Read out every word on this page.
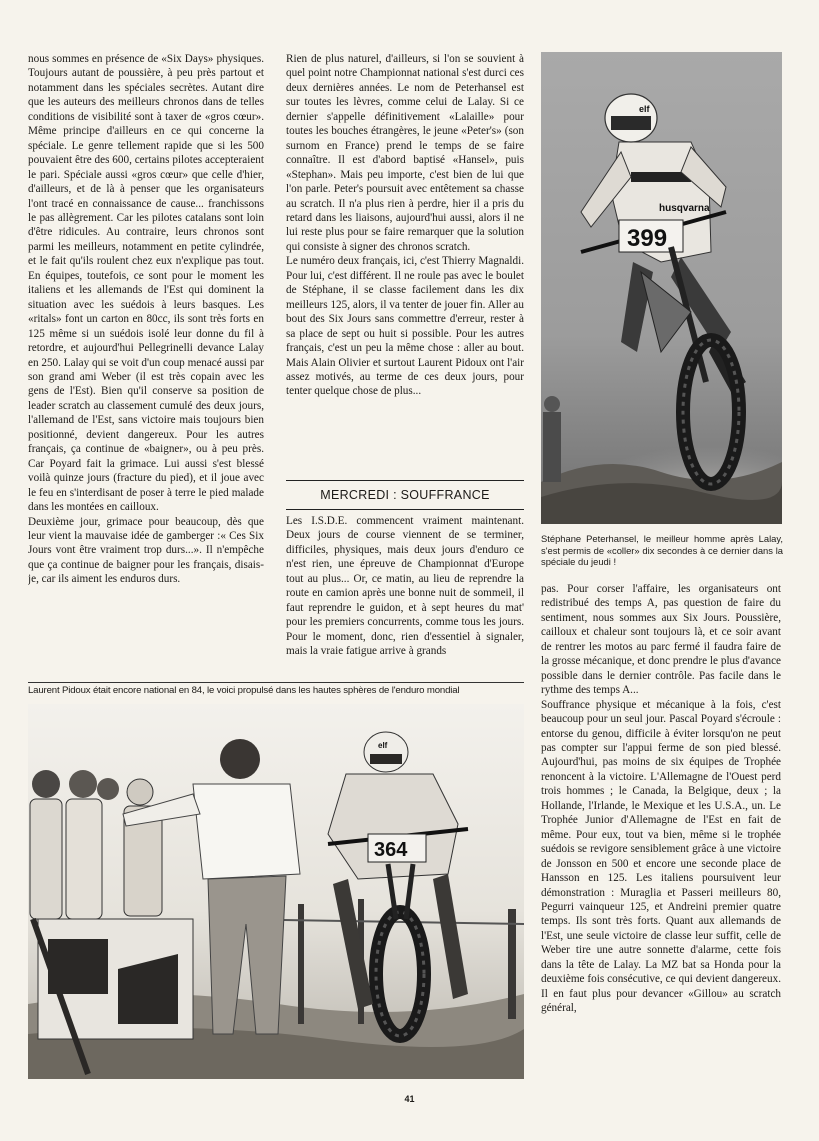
nous sommes en présence de «Six Days» physiques. Toujours autant de poussière, à peu près partout et notamment dans les spéciales secrètes. Autant dire que les auteurs des meilleurs chronos dans de telles conditions de visibilité sont à taxer de «gros cœur». Même principe d'ailleurs en ce qui concerne la spéciale. Le genre tellement rapide que si les 500 pouvaient être des 600, certains pilotes accepteraient le pari. Spéciale aussi «gros cœur» que celle d'hier, d'ailleurs, et de là à penser que les organisateurs l'ont tracé en connaissance de cause... franchissons le pas allègrement. Car les pilotes catalans sont loin d'être ridicules. Au contraire, leurs chronos sont parmi les meilleurs, notamment en petite cylindrée, et le fait qu'ils roulent chez eux n'explique pas tout. En équipes, toutefois, ce sont pour le moment les italiens et les allemands de l'Est qui dominent la situation avec les suédois à leurs basques. Les «ritals» font un carton en 80cc, ils sont très forts en 125 même si un suédois isolé leur donne du fil à retordre, et aujourd'hui Pellegrinelli devance Lalay en 250. Lalay qui se voit d'un coup menacé aussi par son grand ami Weber (il est très copain avec les gens de l'Est). Bien qu'il conserve sa position de leader scratch au classement cumulé des deux jours, l'allemand de l'Est, sans victoire mais toujours bien positionné, devient dangereux. Pour les autres français, ça continue de «baigner», ou à peu près. Car Poyard fait la grimace. Lui aussi s'est blessé voilà quinze jours (fracture du pied), et il joue avec le feu en s'interdisant de poser à terre le pied malade dans les montées en cailloux.

Deuxième jour, grimace pour beaucoup, dès que leur vient la mauvaise idée de gamberger :« Ces Six Jours vont être vraiment trop durs...». Il n'empêche que ça continue de baigner pour les français, disais-je, car ils aiment les enduros durs.

Rien de plus naturel, d'ailleurs, si l'on se souvient à quel point notre Championnat national s'est durci ces deux dernières années. Le nom de Peterhansel est sur toutes les lèvres, comme celui de Lalay. Si ce dernier s'appelle définitivement «Lalaille» pour toutes les bouches étrangères, le jeune «Peter's» (son surnom en France) prend le temps de se faire connaître. Il est d'abord baptisé «Hansel», puis «Stephan». Mais peu importe, c'est bien de lui que l'on parle. Peter's poursuit avec entêtement sa chasse au scratch. Il n'a plus rien à perdre, hier il a pris du retard dans les liaisons, aujourd'hui aussi, alors il ne lui reste plus pour se faire remarquer que la solution qui consiste à signer des chronos scratch.

Le numéro deux français, ici, c'est Thierry Magnaldi. Pour lui, c'est différent. Il ne roule pas avec le boulet de Stéphane, il se classe facilement dans les dix meilleurs 125, alors, il va tenter de jouer fin. Aller au bout des Six Jours sans commettre d'erreur, rester à sa place de sept ou huit si possible. Pour les autres français, c'est un peu la même chose : aller au bout. Mais Alain Olivier et surtout Laurent Pidoux ont l'air assez motivés, au terme de ces deux jours, pour tenter quelque chose de plus...

MERCREDI : SOUFFRANCE

Les I.S.D.E. commencent vraiment maintenant. Deux jours de course viennent de se terminer, difficiles, physiques, mais deux jours d'enduro ce n'est rien, une épreuve de Championnat d'Europe tout au plus... Or, ce matin, au lieu de reprendre la route en camion après une bonne nuit de sommeil, il faut reprendre le guidon, et à sept heures du mat' pour les premiers concurrents, comme tous les jours. Pour le moment, donc, rien d'essentiel à signaler, mais la vraie fatigue arrive à grands

husqvarna
elf
399
Stéphane Peterhansel, le meilleur homme après Lalay, s'est permis de «coller» dix secondes à ce dernier dans la spéciale du jeudi !

pas. Pour corser l'affaire, les organisateurs ont redistribué des temps A, pas question de faire du sentiment, nous sommes aux Six Jours. Poussière, cailloux et chaleur sont toujours là, et ce soir avant de rentrer les motos au parc fermé il faudra faire de la grosse mécanique, et donc prendre le plus d'avance possible dans le dernier contrôle. Pas facile dans le rythme des temps A...

Souffrance physique et mécanique à la fois, c'est beaucoup pour un seul jour. Pascal Poyard s'écroule : entorse du genou, difficile à éviter lorsqu'on ne peut pas compter sur l'appui ferme de son pied blessé. Aujourd'hui, pas moins de six équipes de Trophée renoncent à la victoire. L'Allemagne de l'Ouest perd trois hommes ; le Canada, la Belgique, deux ; la Hollande, l'Irlande, le Mexique et les U.S.A., un. Le Trophée Junior d'Allemagne de l'Est en fait de même. Pour eux, tout va bien, même si le trophée suédois se revigore sensiblement grâce à une victoire de Jonsson en 500 et encore une seconde place de Hansson en 125. Les italiens poursuivent leur démonstration : Muraglia et Passeri meilleurs 80, Pegurri vainqueur 125, et Andreini premier quatre temps. Ils sont très forts. Quant aux allemands de l'Est, une seule victoire de classe leur suffit, celle de Weber tire une autre sonnette d'alarme, cette fois dans la tête de Lalay. La MZ bat sa Honda pour la deuxième fois consécutive, ce qui devient dangereux. Il en faut plus pour devancer «Gillou» au scratch général,

Laurent Pidoux était encore national en 84, le voici propulsé dans les hautes sphères de l'enduro mondial
elf
364
41
